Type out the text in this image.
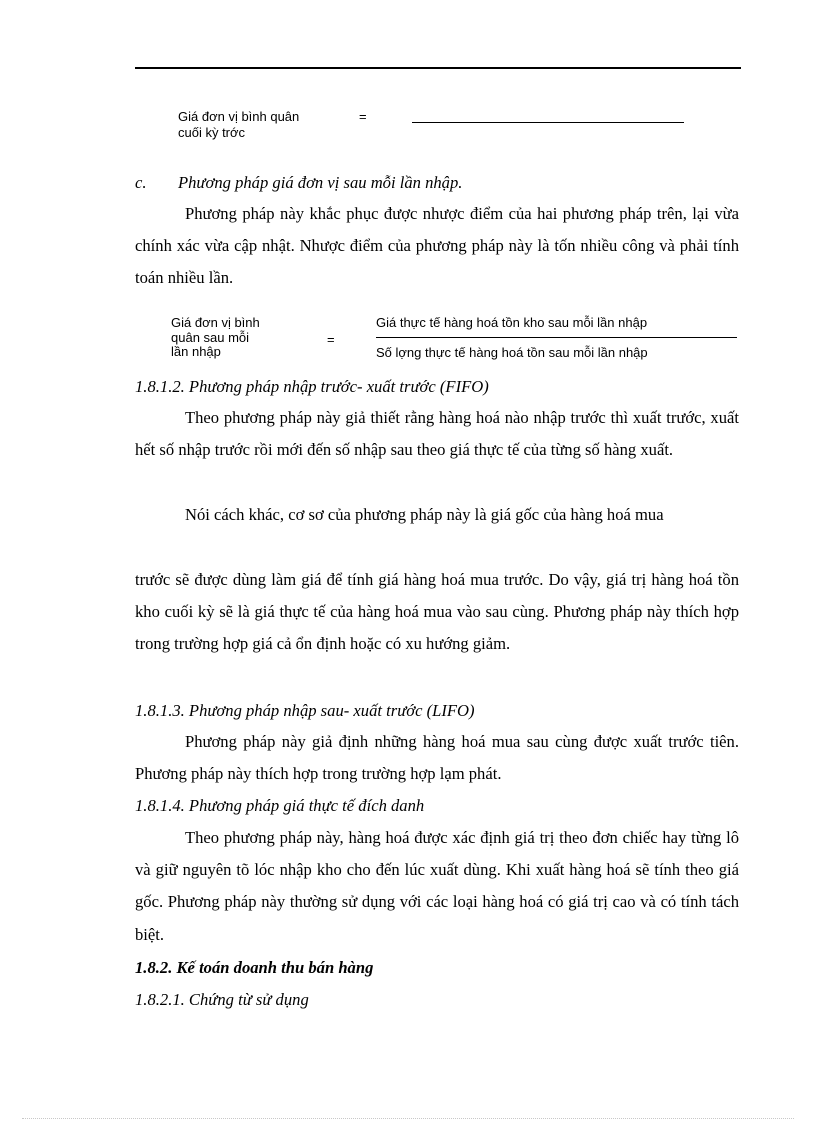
Giá đơn vị bình quân
cuối kỳ trớc
=
c. Phương pháp giá đơn vị sau mỗi lần nhập.

Phương pháp này khắc phục được nhược điểm của hai phương pháp trên, lại vừa chính xác vừa cập nhật. Nhược điểm của phương pháp này là tốn nhiều công và phải tính toán nhiều lần.

Giá đơn vị bình
quân sau mỗi
lần nhập
=
Giá thực tế hàng hoá tồn kho sau mỗi lần nhập
Số lợng thực tế hàng hoá tồn sau mỗi lần nhập
1.8.1.2. Phương pháp nhập trước- xuất trước (FIFO)

Theo phương pháp này giả thiết rằng hàng hoá nào nhập trước thì xuất trước, xuất hết số nhập trước rồi mới đến số nhập sau theo giá thực tế của từng số hàng xuất.

Nói cách khác, cơ sơ của phương pháp này là giá gốc của hàng hoá mua

trước sẽ được dùng làm giá để tính giá hàng hoá mua trước. Do vậy, giá trị hàng hoá tồn kho cuối kỳ sẽ là giá thực tế của hàng hoá mua vào sau cùng. Phương pháp này thích hợp trong trường hợp giá cả ổn định hoặc có xu hướng giảm.

1.8.1.3. Phương pháp nhập sau- xuất trước (LIFO)

Phương pháp này giả định những hàng hoá mua sau cùng được xuất trước tiên. Phương pháp này thích hợp trong trường hợp lạm phát.

1.8.1.4. Phương pháp giá thực tế đích danh

Theo phương pháp này, hàng hoá được xác định giá trị theo đơn chiếc hay từng lô và giữ nguyên tõ lóc nhập kho cho đến lúc xuất dùng. Khi xuất hàng hoá sẽ tính theo giá gốc. Phương pháp này thường sử dụng với các loại hàng hoá có giá trị cao và có tính tách biệt.

1.8.2. Kế toán doanh thu bán hàng
1.8.2.1. Chứng từ sử dụng
